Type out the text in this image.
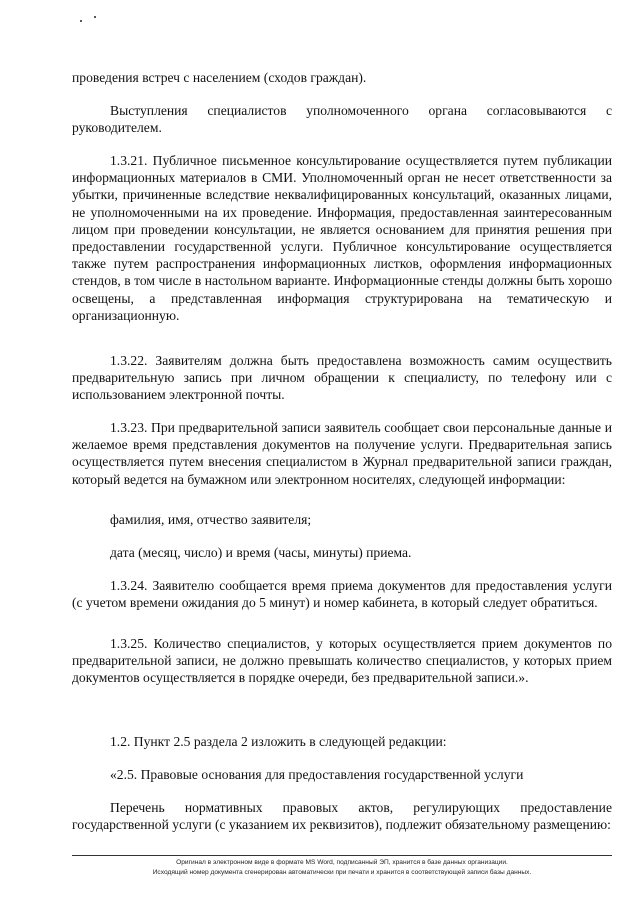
проведения встреч с населением (сходов граждан).

Выступления специалистов уполномоченного органа согласовываются с руководителем.

1.3.21. Публичное письменное консультирование осуществляется путем публикации информационных материалов в СМИ. Уполномоченный орган не несет ответственности за убытки, причиненные вследствие неквалифицированных консультаций, оказанных лицами, не уполномоченными на их проведение. Информация, предоставленная заинтересованным лицом при проведении консультации, не является основанием для принятия решения при предоставлении государственной услуги. Публичное консультирование осуществляется также путем распространения информационных листков, оформления информационных стендов, в том числе в настольном варианте. Информационные стенды должны быть хорошо освещены, а представленная информация структурирована на тематическую и организационную.

1.3.22. Заявителям должна быть предоставлена возможность самим осуществить предварительную запись при личном обращении к специалисту, по телефону или с использованием электронной почты.

1.3.23. При предварительной записи заявитель сообщает свои персональные данные и желаемое время представления документов на получение услуги. Предварительная запись осуществляется путем внесения специалистом в Журнал предварительной записи граждан, который ведется на бумажном или электронном носителях, следующей информации:

фамилия, имя, отчество заявителя;

дата (месяц, число) и время (часы, минуты) приема.

1.3.24. Заявителю сообщается время приема документов для предоставления услуги (с учетом времени ожидания до 5 минут) и номер кабинета, в который следует обратиться.

1.3.25. Количество специалистов, у которых осуществляется прием документов по предварительной записи, не должно превышать количество специалистов, у которых прием документов осуществляется в порядке очереди, без предварительной записи.».

1.2. Пункт 2.5 раздела 2 изложить в следующей редакции:

«2.5. Правовые основания для предоставления государственной услуги

Перечень нормативных правовых актов, регулирующих предоставление государственной услуги (с указанием их реквизитов), подлежит обязательному размещению:

Оригинал в электронном виде в формате MS Word, подписанный ЭП, хранится в базе данных организации.
Исходящий номер документа сгенерирован автоматически при печати и хранится в соответствующей записи базы данных.
